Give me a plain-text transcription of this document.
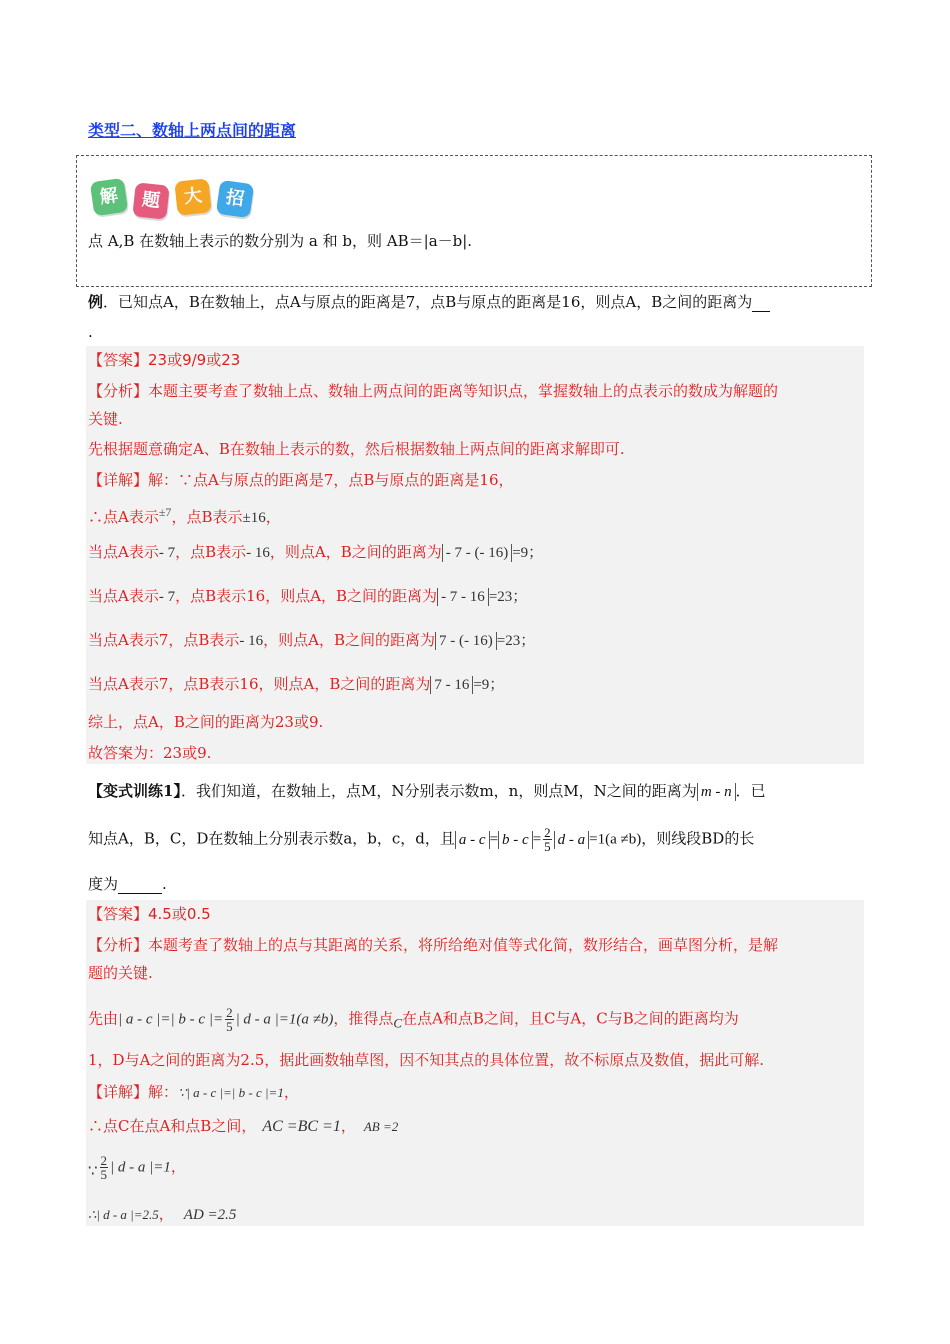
类型二、数轴上两点间的距离
解	题	大	招
点 A,B 在数轴上表示的数分别为 a 和 b，则 AB＝|a－b|.
例．已知点A，B在数轴上，点A与原点的距离是7，点B与原点的距离是16，则点A，B之间的距离为
.
【答案】23或9/9或23
【分析】本题主要考查了数轴上点、数轴上两点间的距离等知识点，掌握数轴上的点表示的数成为解题的
关键.
先根据题意确定A、B在数轴上表示的数，然后根据数轴上两点间的距离求解即可.
【详解】解：∵点A与原点的距离是7，点B与原点的距离是16，
∴点A表示$^{\pm 7}$，点B表示±16，
当点A表示- 7，点B表示- 16，则点A，B之间的距离为 - 7 - (- 16) =9；
当点A表示- 7，点B表示16，则点A，B之间的距离为 - 7 - 16 =23；
当点A表示7，点B表示- 16，则点A，B之间的距离为 7 - (- 16) =23；
当点A表示7，点B表示16，则点A，B之间的距离为 7 - 16 =9；
综上，点A，B之间的距离为23或9.
故答案为：23或9.
【变式训练1】．我们知道，在数轴上，点M，N分别表示数m，n，则点M，N之间的距离为 m - n ．已
知点A，B，C，D在数轴上分别表示数a，b，c，d，且 $a - c = b - c = \frac{2}{5}$ d - a =1(a ≠b)，则线段BD的长
度为	.
【答案】4.5或0.5
【分析】本题考查了数轴上的点与其距离的关系，将所给绝对值等式化简，数形结合，画草图分析，是解
题的关键.
先由| a - c |=| b - c |= $\frac{2}{5}$ | d - a |=1(a ≠b)，推得点C在点A和点B之间，且C与A，C与B之间的距离均为
1，D与A之间的距离为2.5，据此画数轴草图，因不知其点的具体位置，故不标原点及数值，据此可解.
【详解】解：∵| a - c |=| b - c |=1，
∴点C在点A和点B之间， AC =BC =1， AB =2
∵ $\frac{2}{5}$ | d - a |=1，
∴| d - a |=2.5， AD =2.5
